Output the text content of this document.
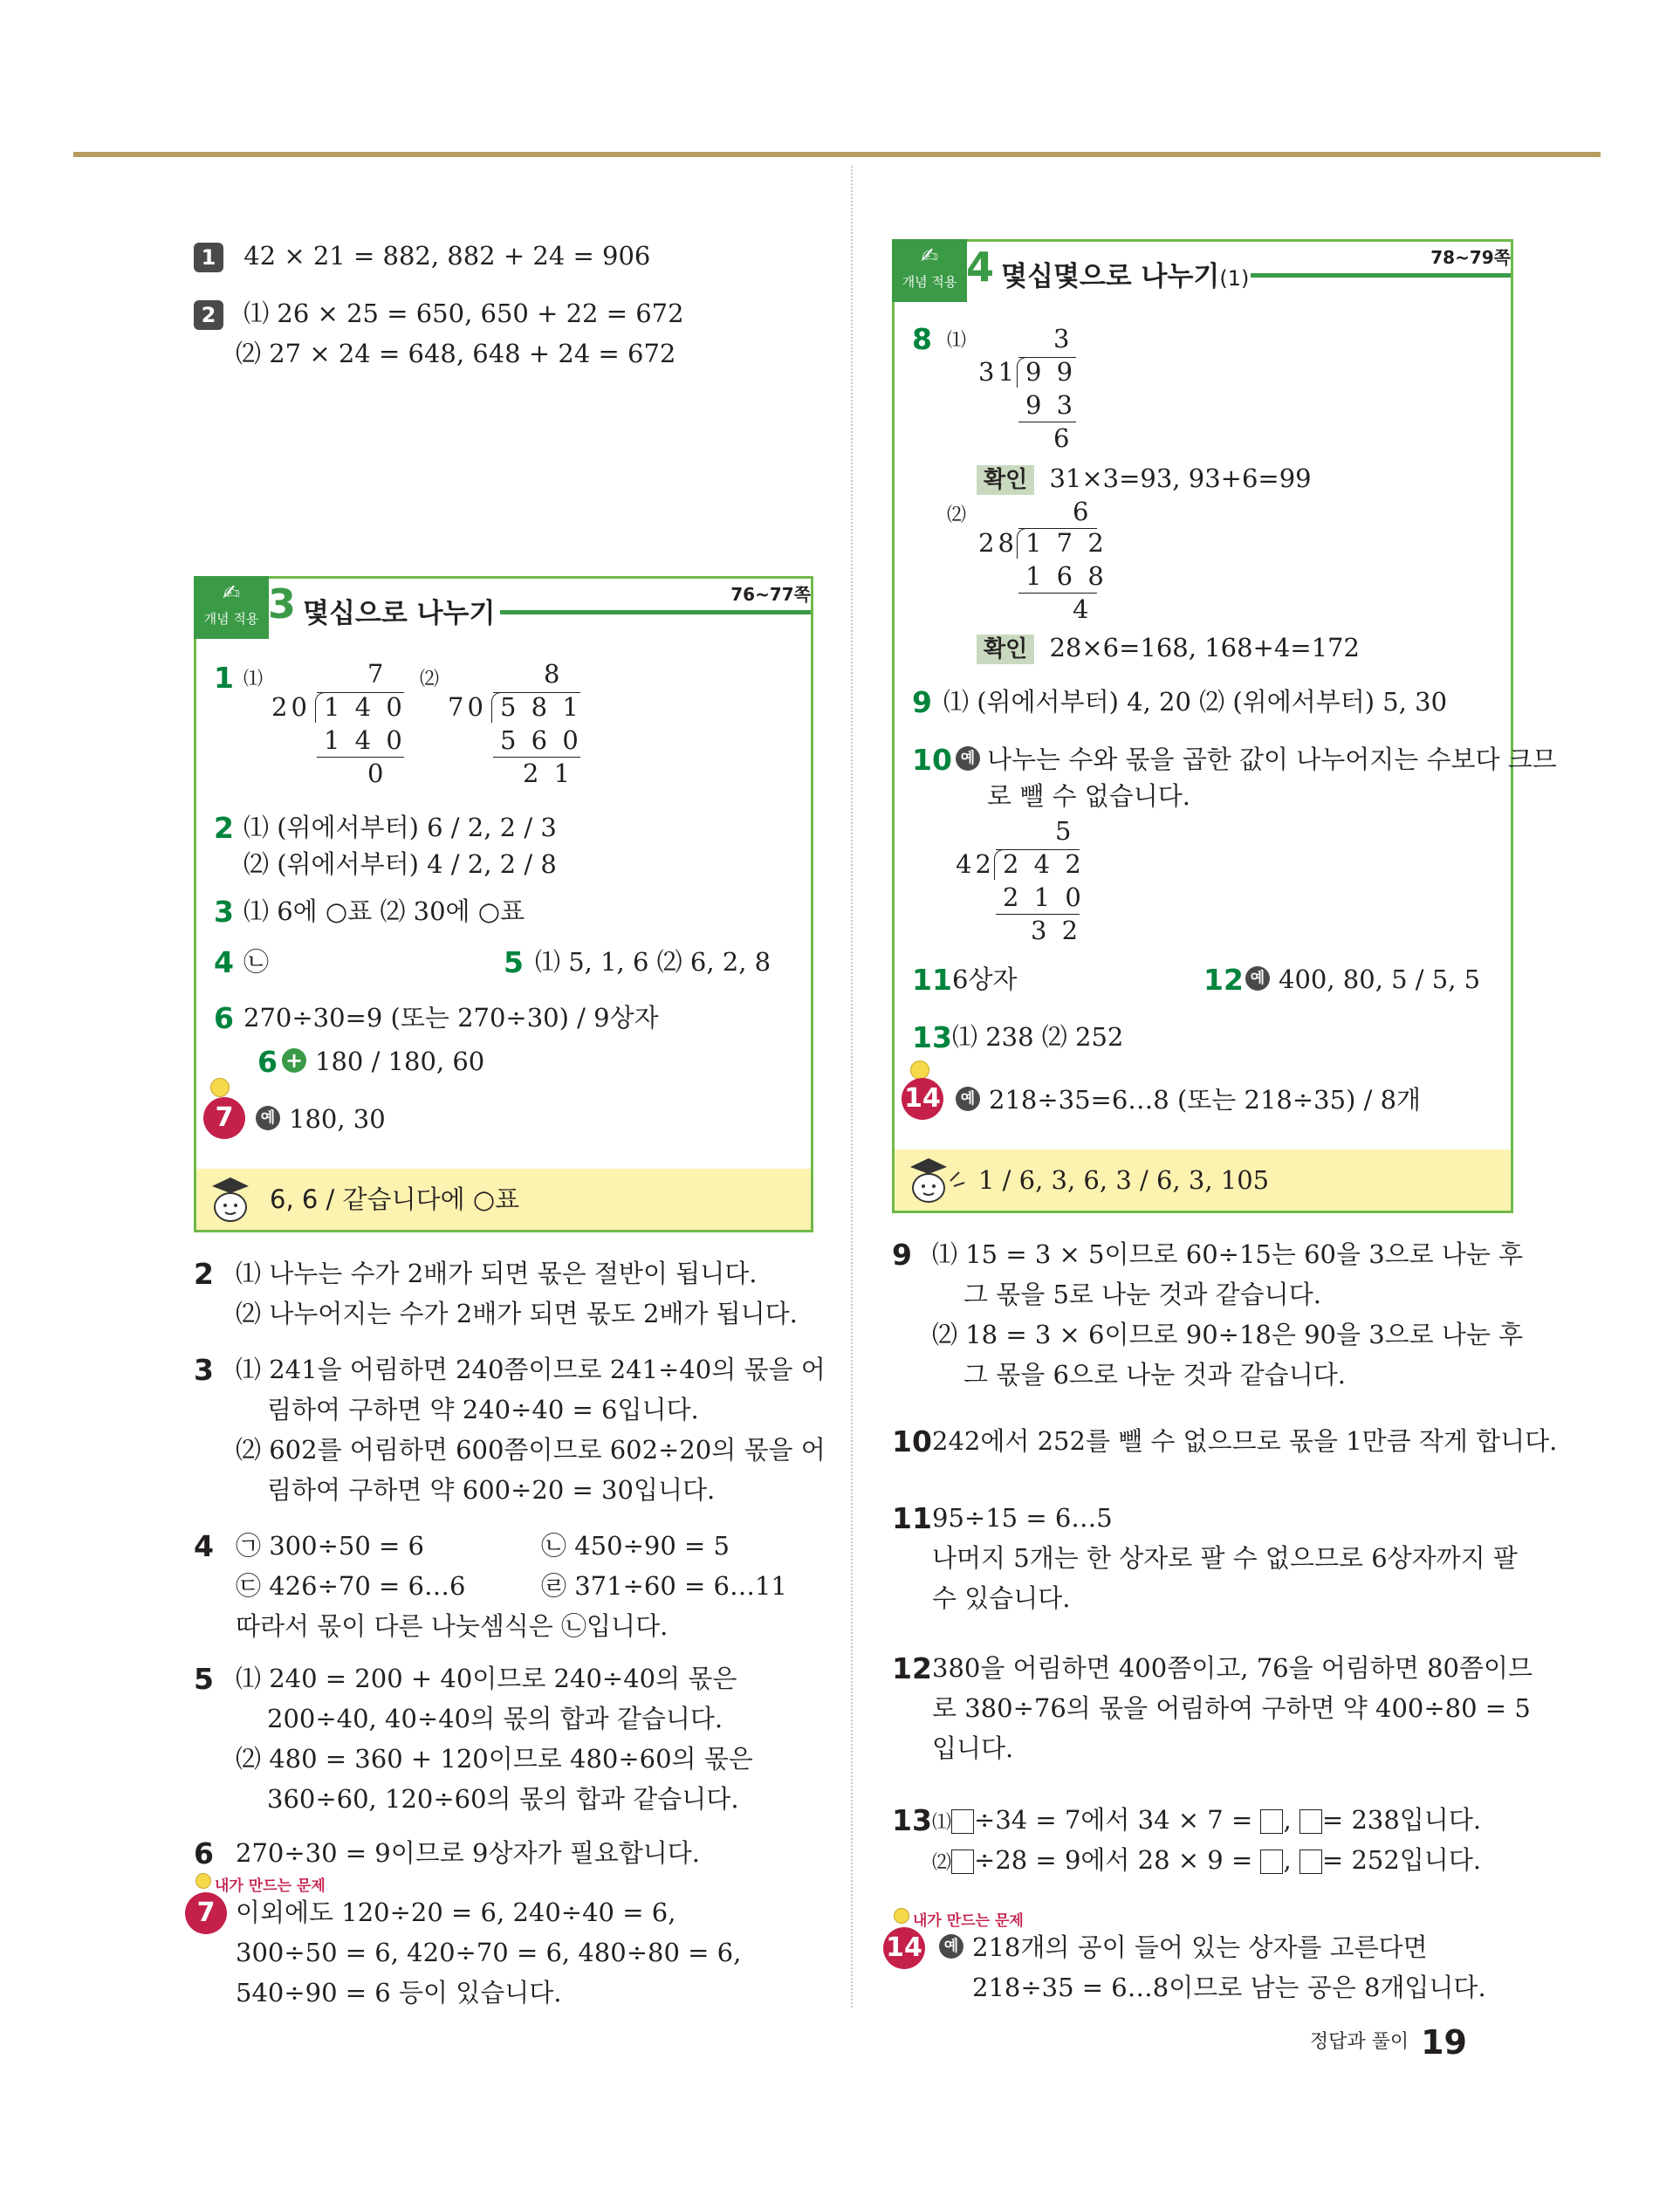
1 42 × 21 = 882, 882 + 24 = 906
2 ⑴ 26 × 25 = 650, 650 + 22 = 672
⑵ 27 × 24 = 648, 648 + 24 = 672
✍
개념 적용 3 몇십으로 나누기
76~77쪽
1 ⑴	7
20 1 4 0
1 4 0
0
⑵	8
70 5 8 1
5 6 0
2 1
2 ⑴ (위에서부터) 6 / 2, 2 / 3
⑵ (위에서부터) 4 / 2, 2 / 8
3 ⑴ 6에 ○표 ⑵ 30에 ○표
4 ㉡	5 ⑴ 5, 1, 6 ⑵ 6, 2, 8
6 270÷30=9 (또는 270÷30) / 9상자
6 + 180 / 180, 60
7	예 180, 30
6, 6 / 같습니다에 ○표
✍
개념 적용 4 몇십몇으로 나누기(1)
78~79쪽
8 ⑴	3
31 9 9
9 3
6
확인 31×3=93, 93+6=99
⑵	6
28 1 7 2
1 6 8
4
확인 28×6=168, 168+4=172
9 ⑴ (위에서부터) 4, 20 ⑵ (위에서부터) 5, 30
10 예 나누는 수와 몫을 곱한 값이 나누어지는 수보다 크므
로 뺄 수 없습니다.
5
42 2 4 2
2 1 0
3 2
11 6상자	12 예 400, 80, 5 / 5, 5
13 ⑴ 238 ⑵ 252
14	예 218÷35=6…8 (또는 218÷35) / 8개
1 / 6, 3, 6, 3 / 6, 3, 105
2 ⑴ 나누는 수가 2배가 되면 몫은 절반이 됩니다.
⑵ 나누어지는 수가 2배가 되면 몫도 2배가 됩니다.
3 ⑴ 241을 어림하면 240쯤이므로 241÷40의 몫을 어
림하여 구하면 약 240÷40 = 6입니다.
⑵ 602를 어림하면 600쯤이므로 602÷20의 몫을 어
림하여 구하면 약 600÷20 = 30입니다.
4 ㉠ 300÷50 = 6	㉡ 450÷90 = 5
㉢ 426÷70 = 6…6	㉣ 371÷60 = 6…11
따라서 몫이 다른 나눗셈식은 ㉡입니다.
5 ⑴ 240 = 200 + 40이므로 240÷40의 몫은
200÷40, 40÷40의 몫의 합과 같습니다.
⑵ 480 = 360 + 120이므로 480÷60의 몫은
360÷60, 120÷60의 몫의 합과 같습니다.
6 270÷30 = 9이므로 9상자가 필요합니다.
내가 만드는 문제
7 이외에도 120÷20 = 6, 240÷40 = 6,
300÷50 = 6, 420÷70 = 6, 480÷80 = 6,
540÷90 = 6 등이 있습니다.
9 ⑴ 15 = 3 × 5이므로 60÷15는 60을 3으로 나눈 후
그 몫을 5로 나눈 것과 같습니다.
⑵ 18 = 3 × 6이므로 90÷18은 90을 3으로 나눈 후
그 몫을 6으로 나눈 것과 같습니다.
10 242에서 252를 뺄 수 없으므로 몫을 1만큼 작게 합니다.
11 95÷15 = 6…5
나머지 5개는 한 상자로 팔 수 없으므로 6상자까지 팔
수 있습니다.
12 380을 어림하면 400쯤이고, 76을 어림하면 80쯤이므
로 380÷76의 몫을 어림하여 구하면 약 400÷80 = 5
입니다.
13 ⑴ ÷34 = 7에서 34 × 7 = , = 238입니다.
⑵ ÷28 = 9에서 28 × 9 = , = 252입니다.
내가 만드는 문제
14	예 218개의 공이 들어 있는 상자를 고른다면
218÷35 = 6…8이므로 남는 공은 8개입니다.
정답과 풀이 19
